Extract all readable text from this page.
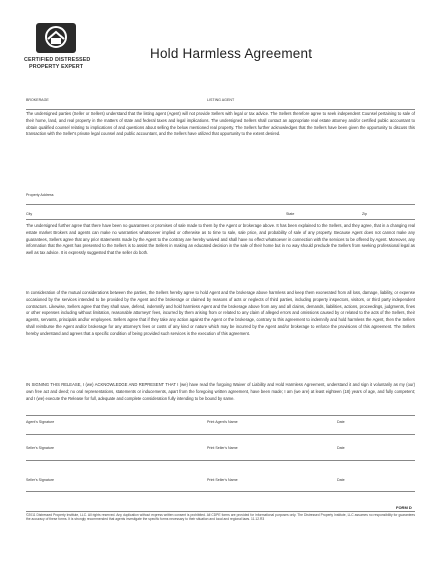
CERTIFIED DISTRESSED
PROPERTY EXPERT
Hold Harmless Agreement
BROKERAGE	LISTING AGENT

The undersigned parties (Seller or Sellers) understand that the listing agent (Agent) will not provide Sellers with legal or tax advice. The Sellers therefore agree to seek independent Counsel pertaining to sale of their home, land, and real property in the matters of state and federal taxes and legal implications. The undersigned Sellers shall contact an appropriate real estate attorney and/or certified public accountant to obtain qualified counsel relating to implications of and questions about selling the below mentioned real property. The Sellers further acknowledges that the Sellers have been given the opportunity to discuss this transaction with the Seller's private legal counsel and public accountant, and the Sellers have utilized that opportunity to the extent desired.

Property Address
City	State	Zip

The undersigned further agree that there have been no guarantees or promises of sale made to them by the Agent or brokerage above. It has been explained to the Sellers, and they agree, that in a changing real estate market Brokers and agents can make no warranties whatsoever implied or otherwise as to time to sale, sale price, and probability of sale of any property. Because Agent does not cannot make any guarantees, Sellers agree that any prior statements made by the Agent to the contrary are hereby waived and shall have no effect whatsoever in connection with the services to be offered by Agent. Moreover, any information that the Agent has presented to the Sellers is to assist the Sellers in making an educated decision in the sale of their home but in no way should preclude the Sellers from seeking professional legal as well as tax advice. It is expressly suggested that the seller do both.

In consideration of the mutual considerations between the parties, the Sellers hereby agree to hold Agent and the brokerage above harmless and keep them exonerated from all loss, damage, liability, or expense occasioned by the services intended to be provided by the Agent and the brokerage or claimed by reasons of acts or neglects of third parties, including property inspectors, visitors, or third party independent contractors. Likewise, Sellers agree that they shall save, defend, indemnify and hold harmless Agent and the brokerage above from any and all claims, demands, liabilities, actions, proceedings, judgments, fines or other expenses including without limitation, reasonable attorneys' fees, incurred by them arising from or related to any claim of alleged errors and omissions caused by or related to the acts of the Sellers, their agents, servants, principals and/or employees. Sellers agree that if they take any action against the Agent or the brokerage, contrary to this agreement to indemnify and hold harmless the Agent, then the Sellers shall reimburse the Agent and/or brokerage for any attorney's fees or costs of any kind or nature which may be incurred by the Agent and/or brokerage to enforce the provisions of this agreement. The Sellers hereby understand and agrees that a specific condition of being provided such services is the execution of this agreement.

IN SIGNING THIS RELEASE, I (we) ACKNOWLEDGE AND REPRESENT THAT I (we) have read the forgoing Waiver of Liability and Hold Harmless Agreement, understand it and sign it voluntarily as my (our) own free act and deed; no oral representations, statements or inducements, apart from the foregoing written agreement, have been made; I am (we are) at least eighteen (18) years of age, and fully competent; and I (we) execute the Release for full, adequate and complete consideration fully intending to be bound by same.

Agent's Signature	Print Agent's Name	Date
Seller's Signature	Print Seller's Name	Date
Seller's Signature	Print Seller's Name	Date
FORM D

©2011 Distressed Property Institute, LLC. All rights reserved. Any duplication without express written consent is prohibited. All CDPE forms are provided for informational purposes only. The Distressed Property Institute, LLC assumes no responsibility for guarantees the accuracy of these forms. It is strongly recommended that agents investigate the specific forms necessary to their situation and local and regional laws. 11.12.R3
